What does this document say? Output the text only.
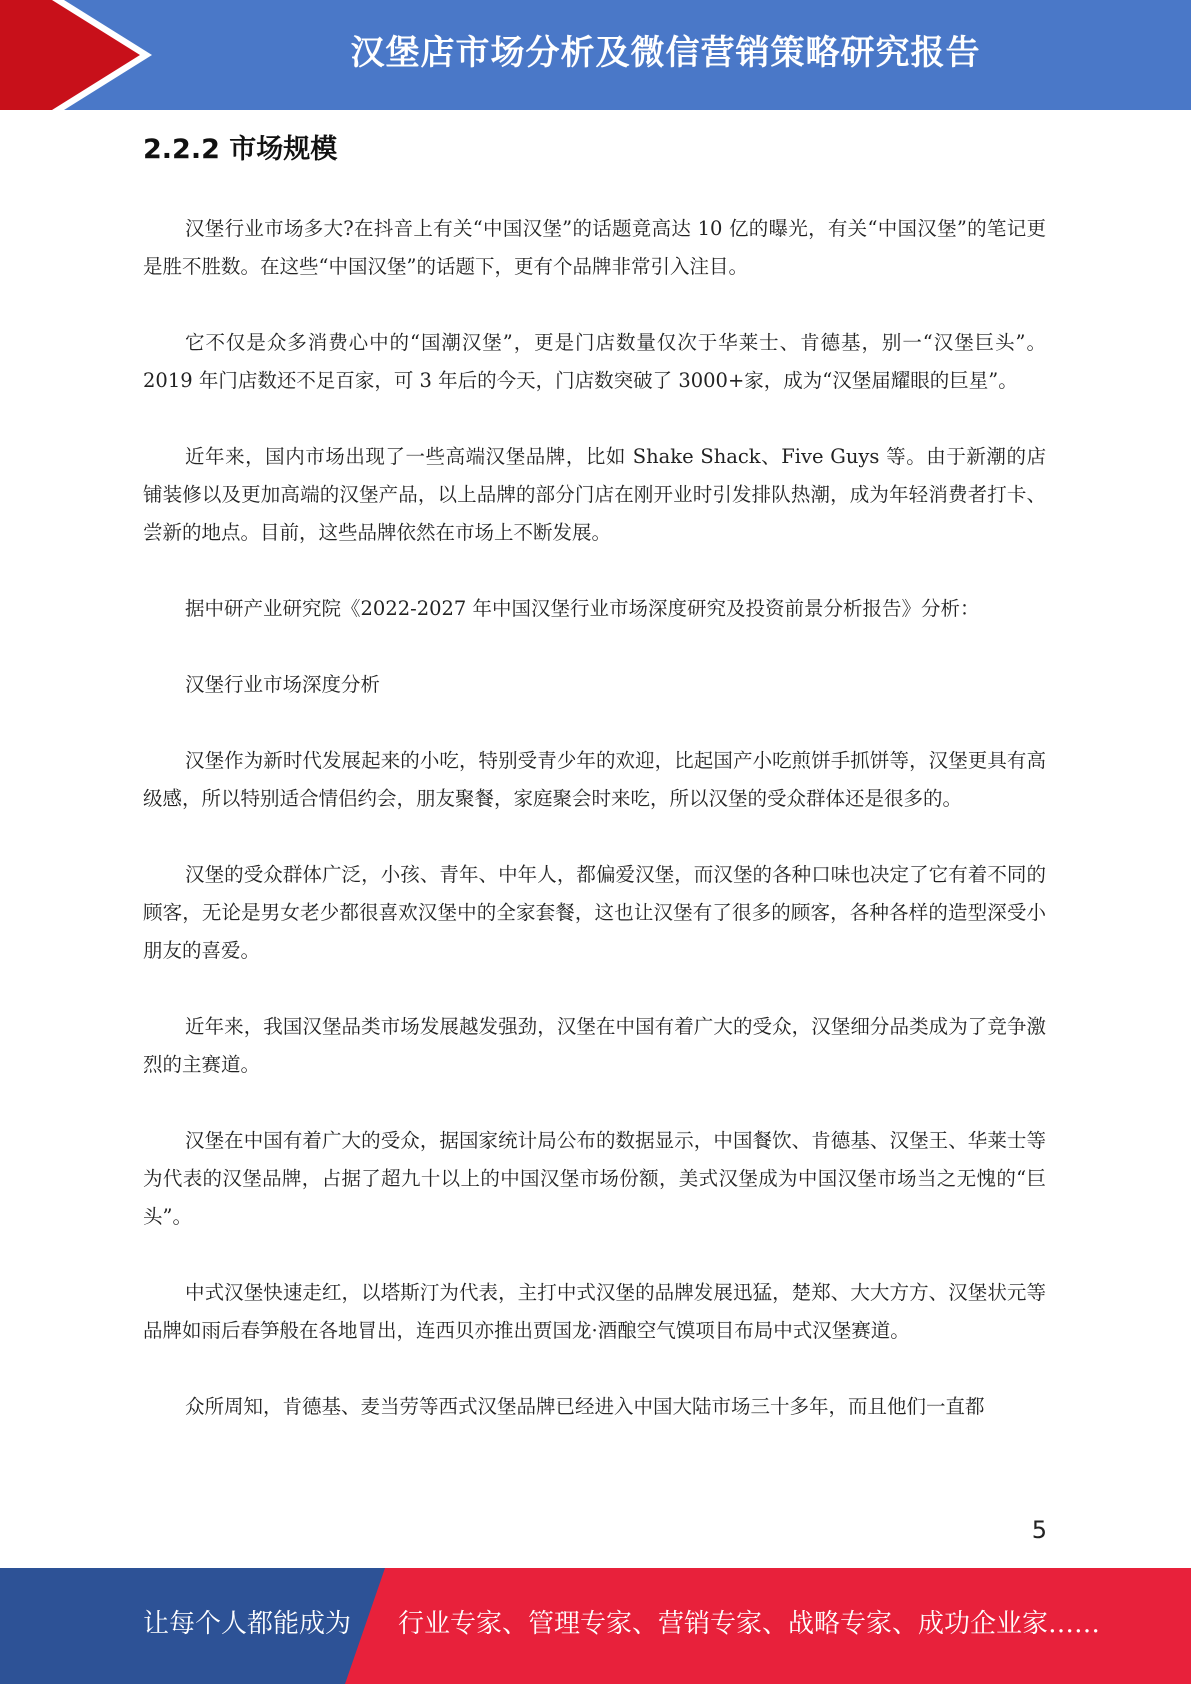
汉堡店市场分析及微信营销策略研究报告
2.2.2 市场规模

汉堡行业市场多大?在抖音上有关“中国汉堡”的话题竟高达 10 亿的曝光，有关“中国汉堡”的笔记更是胜不胜数。在这些“中国汉堡”的话题下，更有个品牌非常引入注目。

它不仅是众多消费心中的“国潮汉堡”，更是门店数量仅次于华莱士、肯德基，别一“汉堡巨头”。2019 年门店数还不足百家，可 3 年后的今天，门店数突破了 3000+家，成为“汉堡届耀眼的巨星”。

近年来，国内市场出现了一些高端汉堡品牌，比如 Shake Shack、Five Guys 等。由于新潮的店铺装修以及更加高端的汉堡产品，以上品牌的部分门店在刚开业时引发排队热潮，成为年轻消费者打卡、尝新的地点。目前，这些品牌依然在市场上不断发展。

据中研产业研究院《2022-2027 年中国汉堡行业市场深度研究及投资前景分析报告》分析：

汉堡行业市场深度分析

汉堡作为新时代发展起来的小吃，特别受青少年的欢迎，比起国产小吃煎饼手抓饼等，汉堡更具有高级感，所以特别适合情侣约会，朋友聚餐，家庭聚会时来吃，所以汉堡的受众群体还是很多的。

汉堡的受众群体广泛，小孩、青年、中年人，都偏爱汉堡，而汉堡的各种口味也决定了它有着不同的顾客，无论是男女老少都很喜欢汉堡中的全家套餐，这也让汉堡有了很多的顾客，各种各样的造型深受小朋友的喜爱。

近年来，我国汉堡品类市场发展越发强劲，汉堡在中国有着广大的受众，汉堡细分品类成为了竞争激烈的主赛道。

汉堡在中国有着广大的受众，据国家统计局公布的数据显示，中国餐饮、肯德基、汉堡王、华莱士等为代表的汉堡品牌，占据了超九十以上的中国汉堡市场份额，美式汉堡成为中国汉堡市场当之无愧的“巨头”。

中式汉堡快速走红，以塔斯汀为代表，主打中式汉堡的品牌发展迅猛，楚郑、大大方方、汉堡状元等品牌如雨后春笋般在各地冒出，连西贝亦推出贾国龙·酒酿空气馍项目布局中式汉堡赛道。

众所周知，肯德基、麦当劳等西式汉堡品牌已经进入中国大陆市场三十多年，而且他们一直都

5
让每个人都能成为 行业专家、管理专家、营销专家、战略专家、成功企业家……
